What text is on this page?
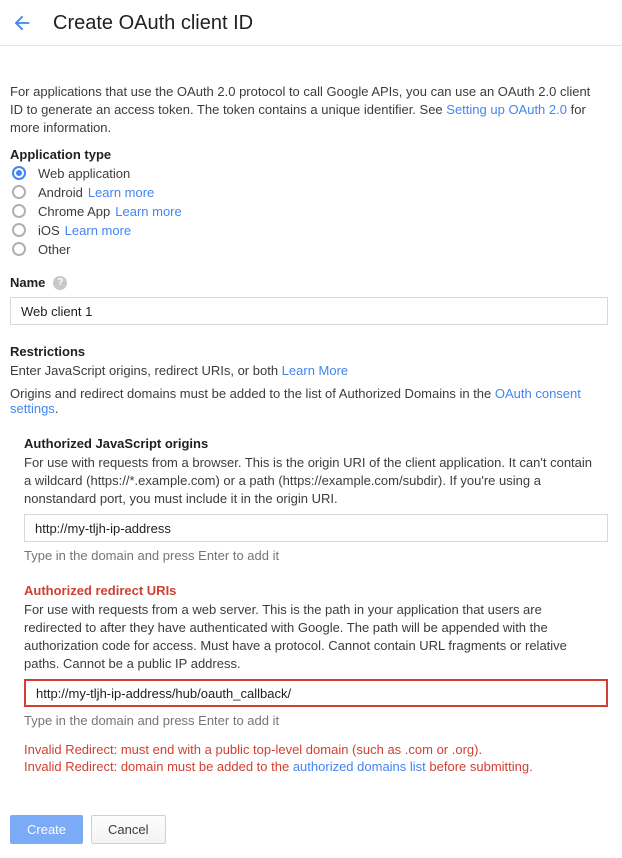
Create OAuth client ID

For applications that use the OAuth 2.0 protocol to call Google APIs, you can use an OAuth 2.0 client ID to generate an access token. The token contains a unique identifier. See Setting up OAuth 2.0 for more information.

Application type
Web application
Android Learn more
Chrome App Learn more
iOS Learn more
Other
Name	?
Web client 1
Restrictions
Enter JavaScript origins, redirect URIs, or both Learn More
Origins and redirect domains must be added to the list of Authorized Domains in the OAuth consent settings.
Authorized JavaScript origins
For use with requests from a browser. This is the origin URI of the client application. It can't contain a wildcard (https://*.example.com) or a path (https://example.com/subdir). If you're using a nonstandard port, you must include it in the origin URI.
http://my-tljh-ip-address
Type in the domain and press Enter to add it
Authorized redirect URIs
For use with requests from a web server. This is the path in your application that users are redirected to after they have authenticated with Google. The path will be appended with the authorization code for access. Must have a protocol. Cannot contain URL fragments or relative paths. Cannot be a public IP address.
http://my-tljh-ip-address/hub/oauth_callback/
Type in the domain and press Enter to add it
Invalid Redirect: must end with a public top-level domain (such as .com or .org).
Invalid Redirect: domain must be added to the authorized domains list before submitting.
Create	Cancel
